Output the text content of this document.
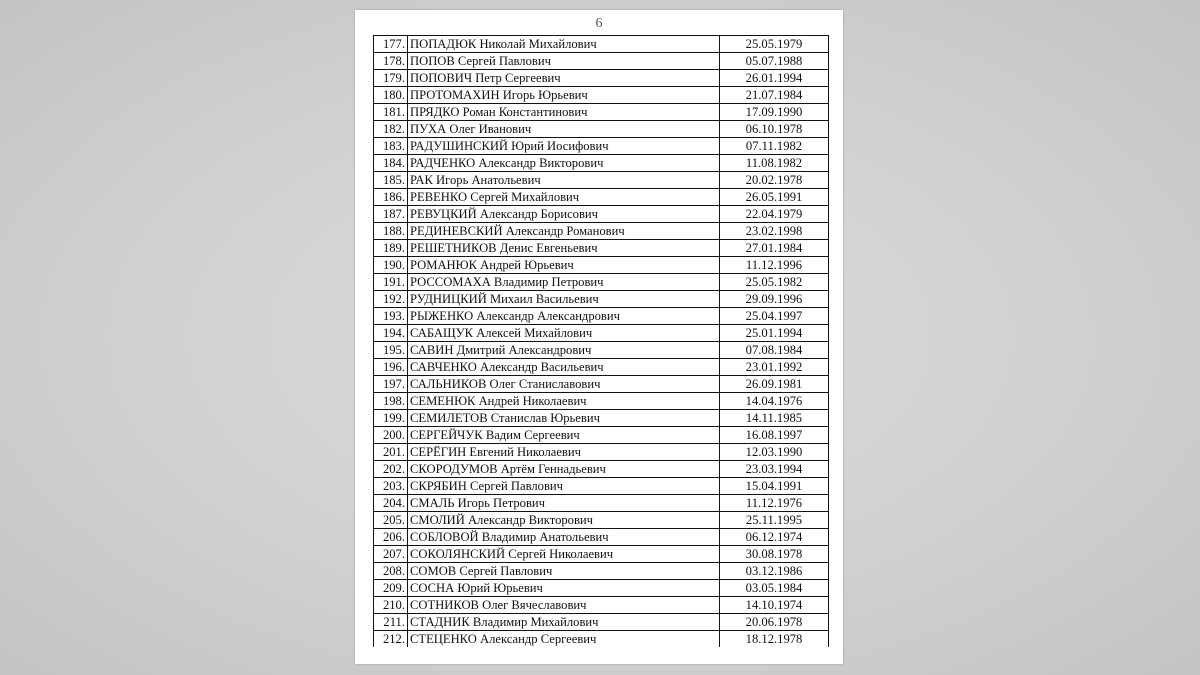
6
177.	ПОПАДЮК Николай Михайлович	25.05.1979
178.	ПОПОВ Сергей Павлович	05.07.1988
179.	ПОПОВИЧ Петр Сергеевич	26.01.1994
180.	ПРОТОМАХИН Игорь Юрьевич	21.07.1984
181.	ПРЯДКО Роман Константинович	17.09.1990
182.	ПУХА Олег Иванович	06.10.1978
183.	РАДУШИНСКИЙ Юрий Иосифович	07.11.1982
184.	РАДЧЕНКО Александр Викторович	11.08.1982
185.	РАК Игорь Анатольевич	20.02.1978
186.	РЕВЕНКО Сергей Михайлович	26.05.1991
187.	РЕВУЦКИЙ Александр Борисович	22.04.1979
188.	РЕДИНЕВСКИЙ Александр Романович	23.02.1998
189.	РЕШЕТНИКОВ Денис Евгеньевич	27.01.1984
190.	РОМАНЮК Андрей Юрьевич	11.12.1996
191.	РОССОМАХА Владимир Петрович	25.05.1982
192.	РУДНИЦКИЙ Михаил Васильевич	29.09.1996
193.	РЫЖЕНКО Александр Александрович	25.04.1997
194.	САБАЩУК Алексей Михайлович	25.01.1994
195.	САВИН Дмитрий Александрович	07.08.1984
196.	САВЧЕНКО Александр Васильевич	23.01.1992
197.	САЛЬНИКОВ Олег Станиславович	26.09.1981
198.	СЕМЕНЮК Андрей Николаевич	14.04.1976
199.	СЕМИЛЕТОВ Станислав Юрьевич	14.11.1985
200.	СЕРГЕЙЧУК Вадим Сергеевич	16.08.1997
201.	СЕРЁГИН Евгений Николаевич	12.03.1990
202.	СКОРОДУМОВ Артём Геннадьевич	23.03.1994
203.	СКРЯБИН Сергей Павлович	15.04.1991
204.	СМАЛЬ Игорь Петрович	11.12.1976
205.	СМОЛИЙ Александр Викторович	25.11.1995
206.	СОБЛОВОЙ Владимир Анатольевич	06.12.1974
207.	СОКОЛЯНСКИЙ Сергей Николаевич	30.08.1978
208.	СОМОВ Сергей Павлович	03.12.1986
209.	СОСНА Юрий Юрьевич	03.05.1984
210.	СОТНИКОВ Олег Вячеславович	14.10.1974
211.	СТАДНИК Владимир Михайлович	20.06.1978
212.	СТЕЦЕНКО Александр Сергеевич	18.12.1978
